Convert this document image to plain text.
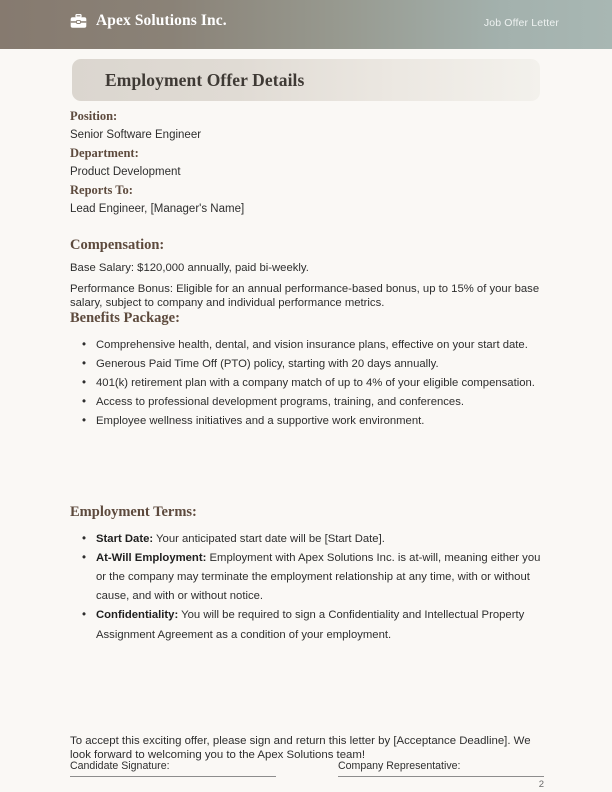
Apex Solutions Inc.	Job Offer Letter
Employment Offer Details

Position:

Senior Software Engineer

Department:

Product Development

Reports To:

Lead Engineer, [Manager's Name]

Compensation:

Base Salary: $120,000 annually, paid bi-weekly.

Performance Bonus: Eligible for an annual performance-based bonus, up to 15% of your base salary, subject to company and individual performance metrics.

Benefits Package:

• Comprehensive health, dental, and vision insurance plans, effective on your start date.
• Generous Paid Time Off (PTO) policy, starting with 20 days annually.
• 401(k) retirement plan with a company match of up to 4% of your eligible compensation.
• Access to professional development programs, training, and conferences.
• Employee wellness initiatives and a supportive work environment.

Employment Terms:

• Start Date: Your anticipated start date will be [Start Date].
• At-Will Employment: Employment with Apex Solutions Inc. is at-will, meaning either you or the company may terminate the employment relationship at any time, with or without cause, and with or without notice.
• Confidentiality: You will be required to sign a Confidentiality and Intellectual Property Assignment Agreement as a condition of your employment.

To accept this exciting offer, please sign and return this letter by [Acceptance Deadline]. We look forward to welcoming you to the Apex Solutions team!

Candidate Signature:	Company Representative:
2
